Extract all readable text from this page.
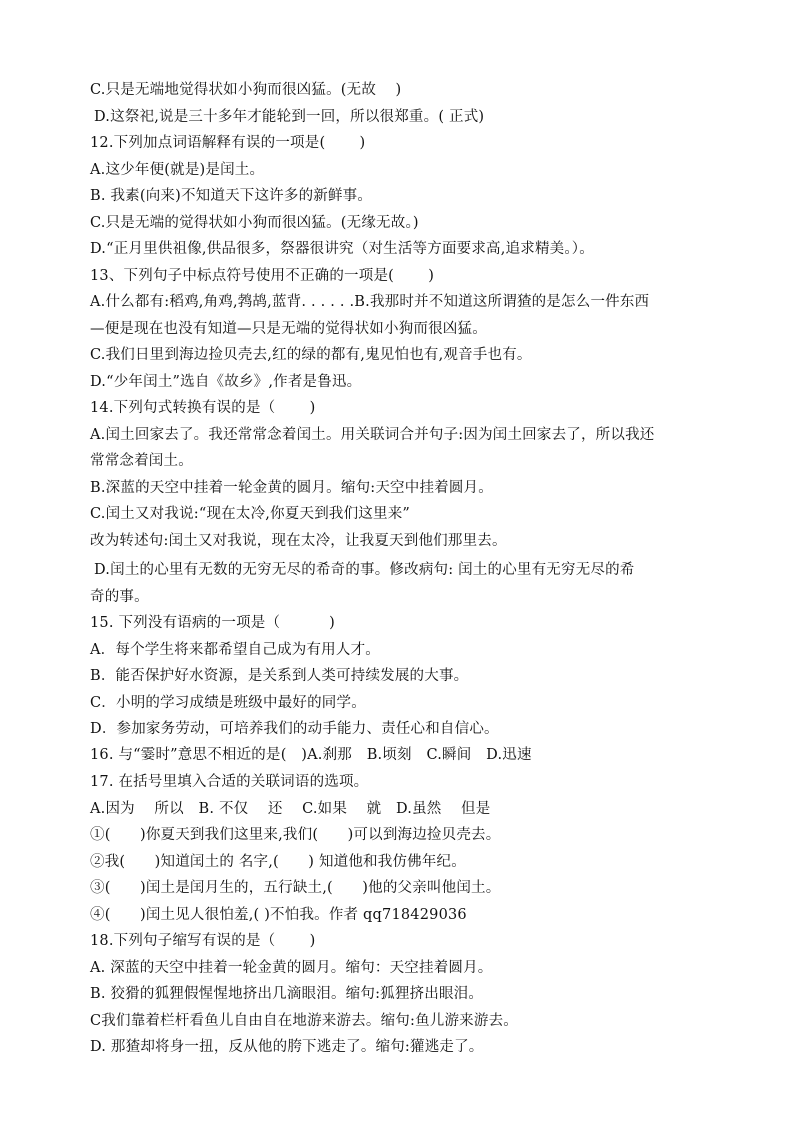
C.只是无端地觉得状如小狗而很凶猛。(无故　 )
D.这祭祀,说是三十多年才能轮到一回，所以很郑重。( 正式)
12.下列加点词语解释有误的一项是(　　 )
A.这少年便(就是)是闰土。
B. 我素(向来)不知道天下这许多的新鲜事。
C.只是无端的觉得状如小狗而很凶猛。(无缘无故。)
D.“正月里供祖像,供品很多，祭器很讲究（对生活等方面要求高,追求精美。）。
13、下列句子中标点符号使用不正确的一项是(　　 )
A.什么都有:稻鸡,角鸡,鹁鸪,蓝背. . . . . .B.我那时并不知道这所谓猹的是怎么一件东西
—便是现在也没有知道—只是无端的觉得状如小狗而很凶猛。
C.我们日里到海边捡贝壳去,红的绿的都有,鬼见怕也有,观音手也有。
D.“少年闰土”选自《故乡》,作者是鲁迅。
14.下列句式转换有误的是（　　 )
A.闰土回家去了。我还常常念着闰土。用关联词合并句子:因为闰土回家去了，所以我还
常常念着闰土。
B.深蓝的天空中挂着一轮金黄的圆月。缩句:天空中挂着圆月。
C.闰土又对我说:“现在太冷,你夏天到我们这里来”
改为转述句:闰土又对我说，现在太冷，让我夏天到他们那里去。
D.闰土的心里有无数的无穷无尽的希奇的事。修改病句: 闰土的心里有无穷无尽的希
奇的事。
15. 下列没有语病的一项是（　　　 )
A．每个学生将来都希望自己成为有用人才。
B．能否保护好水资源，是关系到人类可持续发展的大事。
C．小明的学习成绩是班级中最好的同学。
D．参加家务劳动，可培养我们的动手能力、责任心和自信心。
16. 与“霎时”意思不相近的是(　)A.刹那　B.顷刻　C.瞬间　D.迅速
17. 在括号里填入合适的关联词语的选项。
A.因为　 所以　B. 不仅　 还　 C.如果　 就　D.虽然　 但是
①(　　)你夏天到我们这里来,我们(　　)可以到海边捡贝壳去。
②我(　　)知道闰土的 名字,(　　) 知道他和我仿佛年纪。
③(　　)闰土是闰月生的，五行缺土,(　　)他的父亲叫他闰土。
④(　　)闰土见人很怕羞,( )不怕我。作者 qq718429036
18.下列句子缩写有误的是（　　 )
A. 深蓝的天空中挂着一轮金黄的圆月。缩句：天空挂着圆月。
B. 狡猾的狐狸假惺惺地挤出几滴眼泪。缩句:狐狸挤出眼泪。
C我们靠着栏杆看鱼儿自由自在地游来游去。缩句:鱼儿游来游去。
D. 那猹却将身一扭，反从他的胯下逃走了。缩句:獾逃走了。
